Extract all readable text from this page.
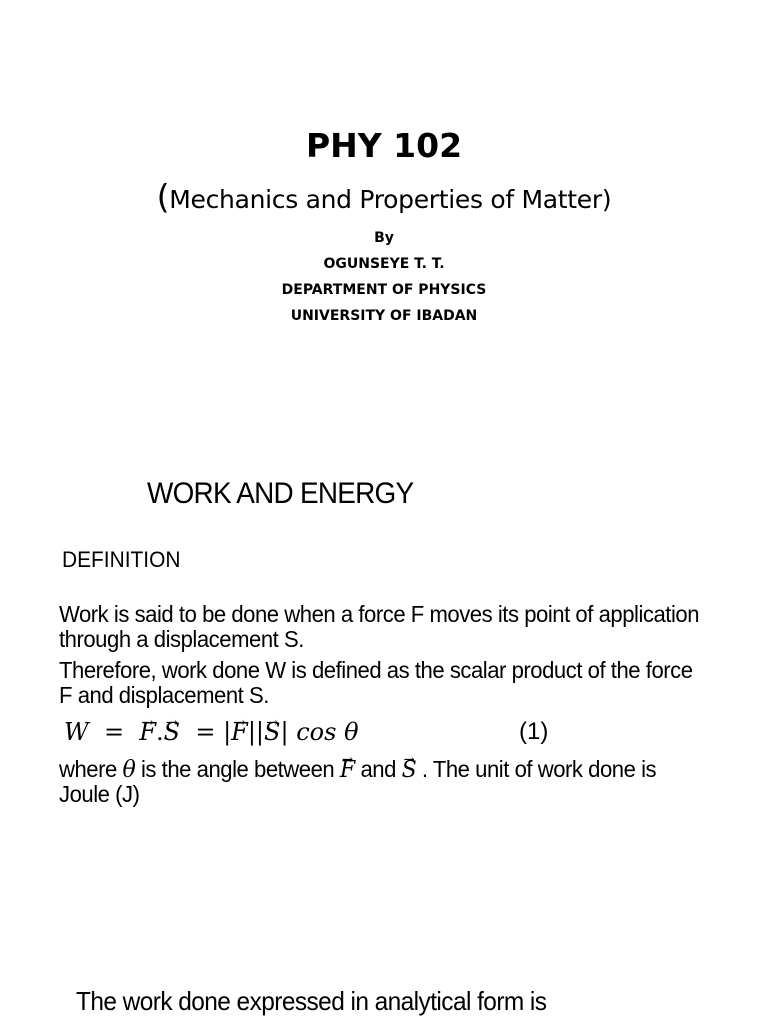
PHY 102
(Mechanics and Properties of Matter)
By
OGUNSEYE T. T.
DEPARTMENT OF PHYSICS
UNIVERSITY OF IBADAN
WORK AND ENERGY
DEFINITION

Work is said to be done when a force F moves its point of application through a displacement S.

Therefore, work done W is defined as the scalar product of the force F and displacement S.

W =  → F.→ S = |→ F||→ S| cos θ	(1)

where θ is the angle between → F and → S . The unit of work done is Joule (J)

The work done expressed in analytical form is
